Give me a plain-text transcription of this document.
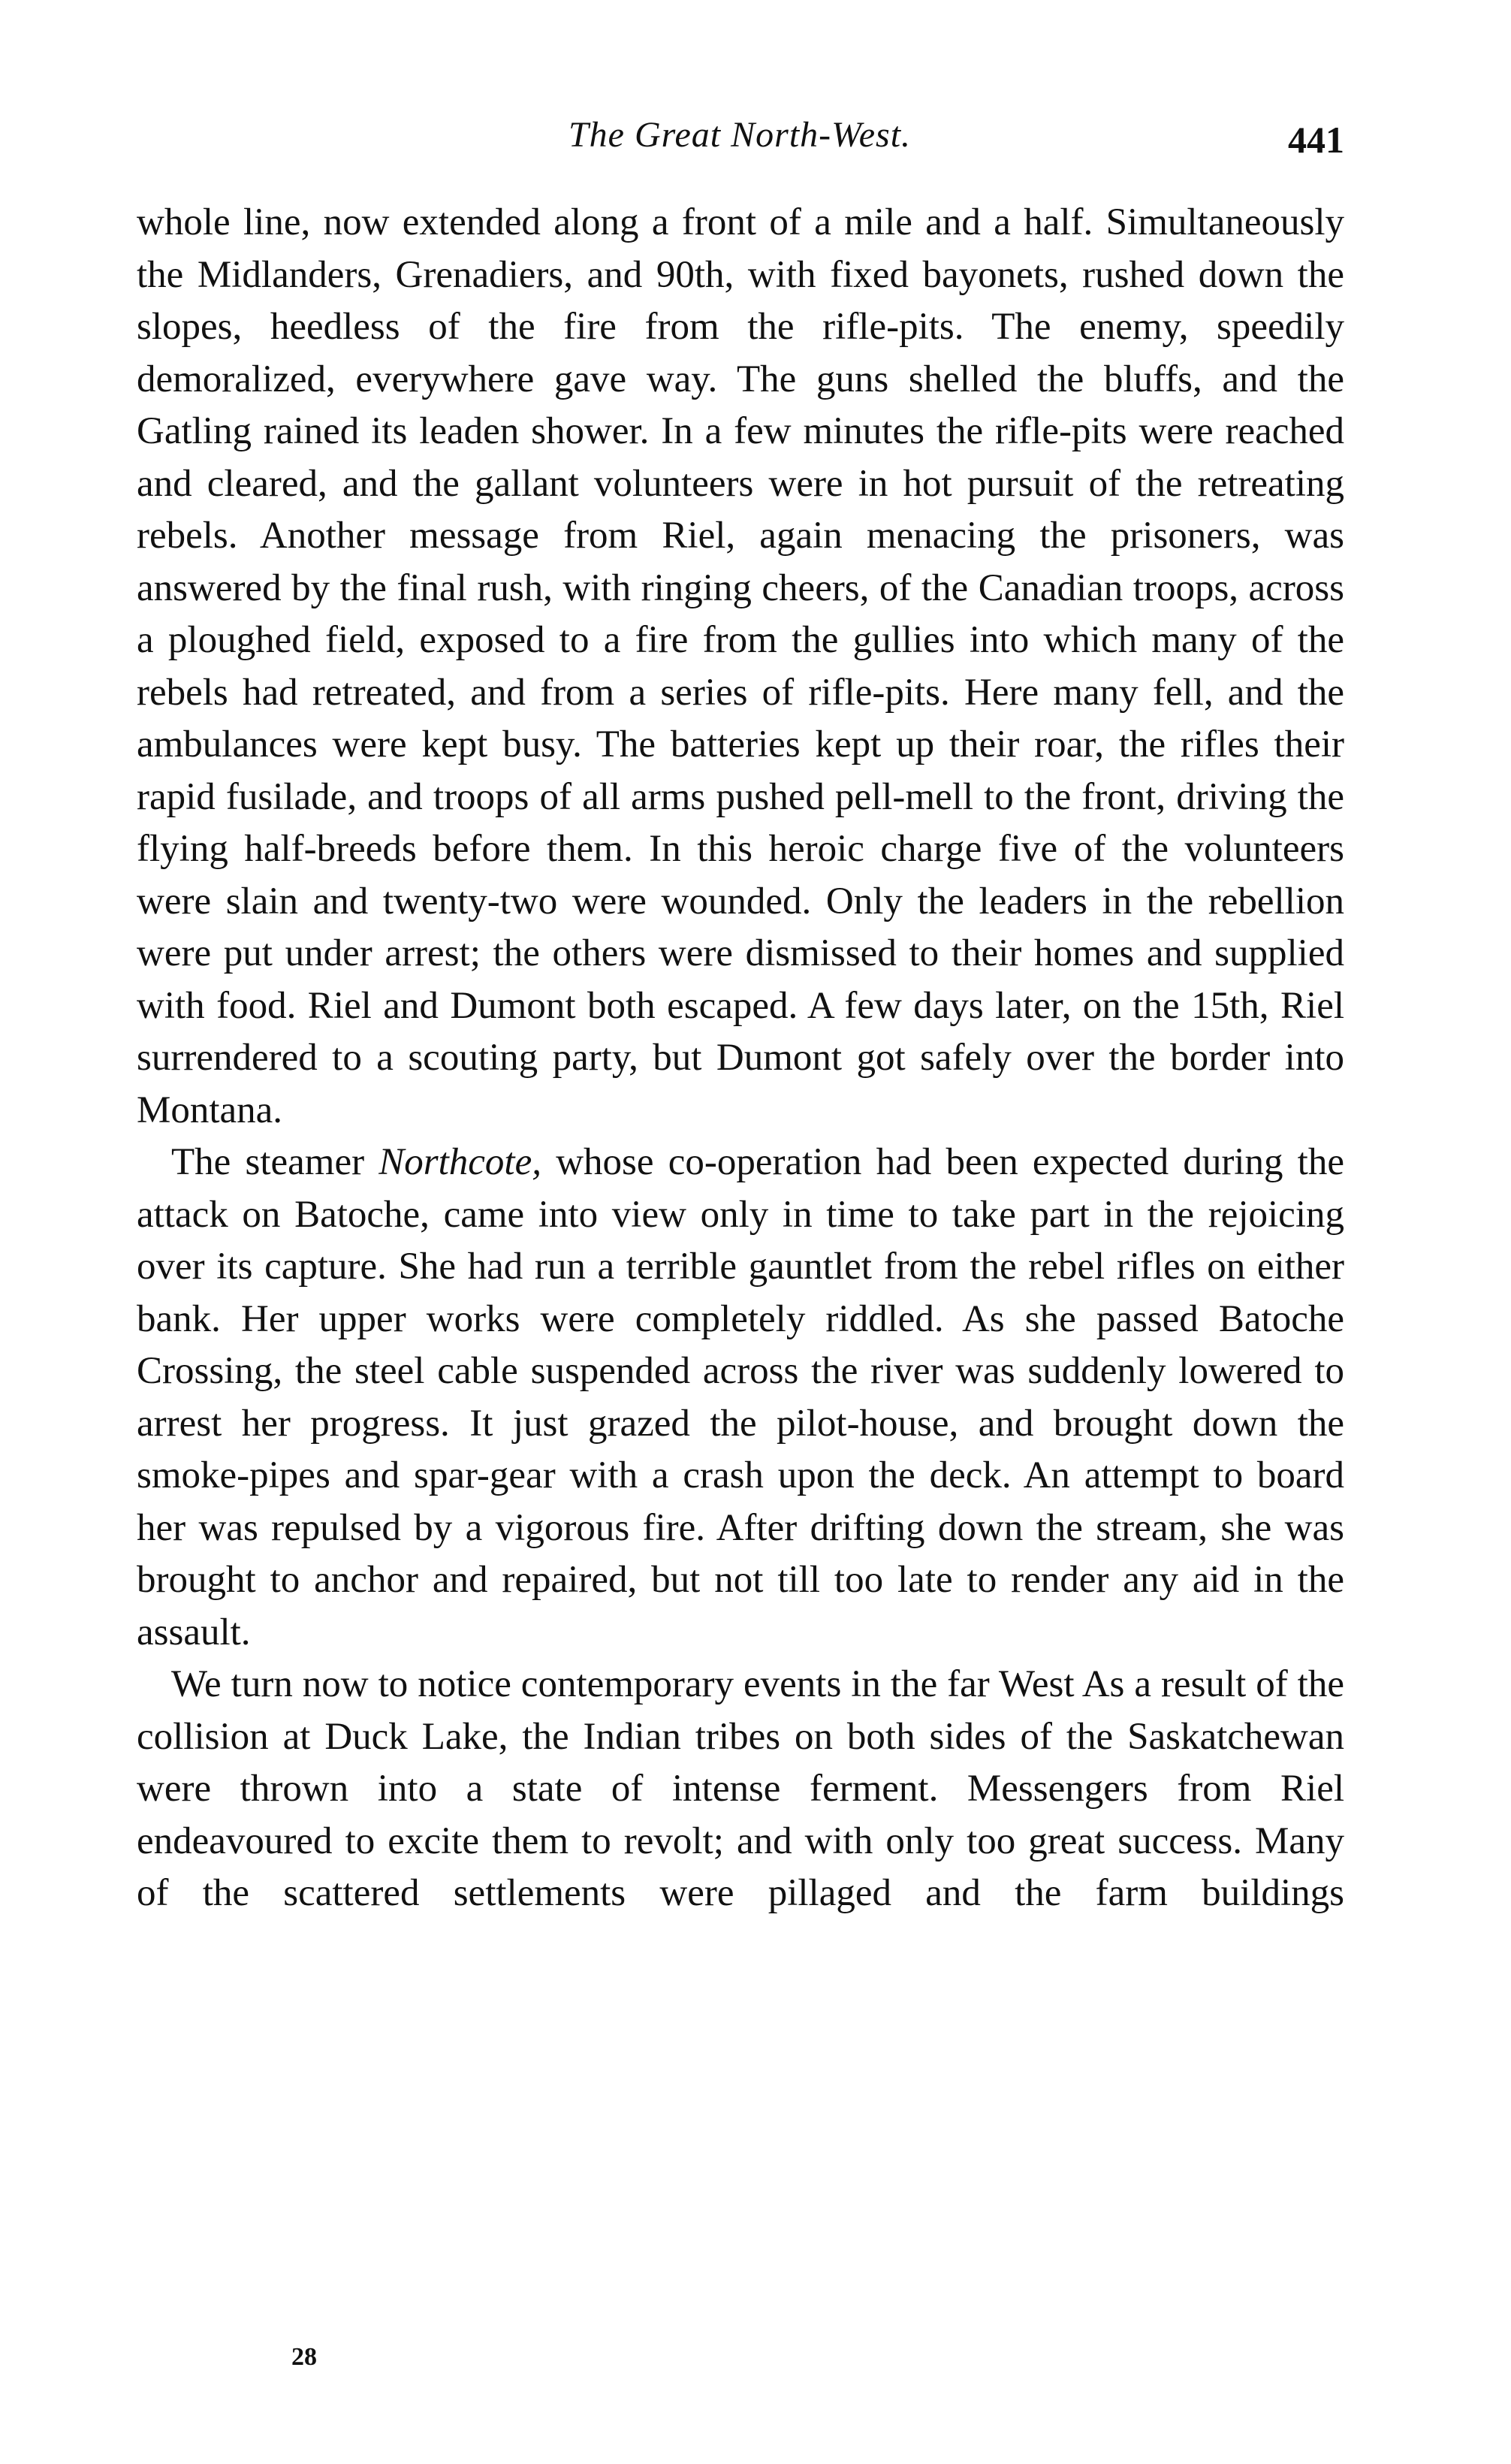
The Great North-West.	441

whole line, now extended along a front of a mile and a half. Simultaneously the Midlanders, Grenadiers, and 90th, with fixed bayonets, rushed down the slopes, heedless of the fire from the rifle-pits. The enemy, speedily demoralized, everywhere gave way. The guns shelled the bluffs, and the Gatling rained its leaden shower. In a few minutes the rifle-pits were reached and cleared, and the gallant volunteers were in hot pursuit of the retreating rebels. Another message from Riel, again menacing the prisoners, was answered by the final rush, with ringing cheers, of the Canadian troops, across a ploughed field, exposed to a fire from the gullies into which many of the rebels had retreated, and from a series of rifle-pits. Here many fell, and the ambulances were kept busy. The batteries kept up their roar, the rifles their rapid fusilade, and troops of all arms pushed pell-mell to the front, driving the flying half-breeds before them. In this heroic charge five of the volunteers were slain and twenty-two were wounded. Only the leaders in the rebellion were put under arrest; the others were dismissed to their homes and supplied with food. Riel and Dumont both escaped. A few days later, on the 15th, Riel surrendered to a scouting party, but Dumont got safely over the border into Montana.

The steamer Northcote, whose co-operation had been expected during the attack on Batoche, came into view only in time to take part in the rejoicing over its capture. She had run a terrible gauntlet from the rebel rifles on either bank. Her upper works were completely riddled. As she passed Batoche Crossing, the steel cable suspended across the river was suddenly lowered to arrest her progress. It just grazed the pilot-house, and brought down the smoke-pipes and spar-gear with a crash upon the deck. An attempt to board her was repulsed by a vigorous fire. After drifting down the stream, she was brought to anchor and repaired, but not till too late to render any aid in the assault.

We turn now to notice contemporary events in the far West As a result of the collision at Duck Lake, the Indian tribes on both sides of the Saskatchewan were thrown into a state of intense ferment. Messengers from Riel endeavoured to excite them to revolt; and with only too great success. Many of the scattered settlements were pillaged and the farm buildings

28
